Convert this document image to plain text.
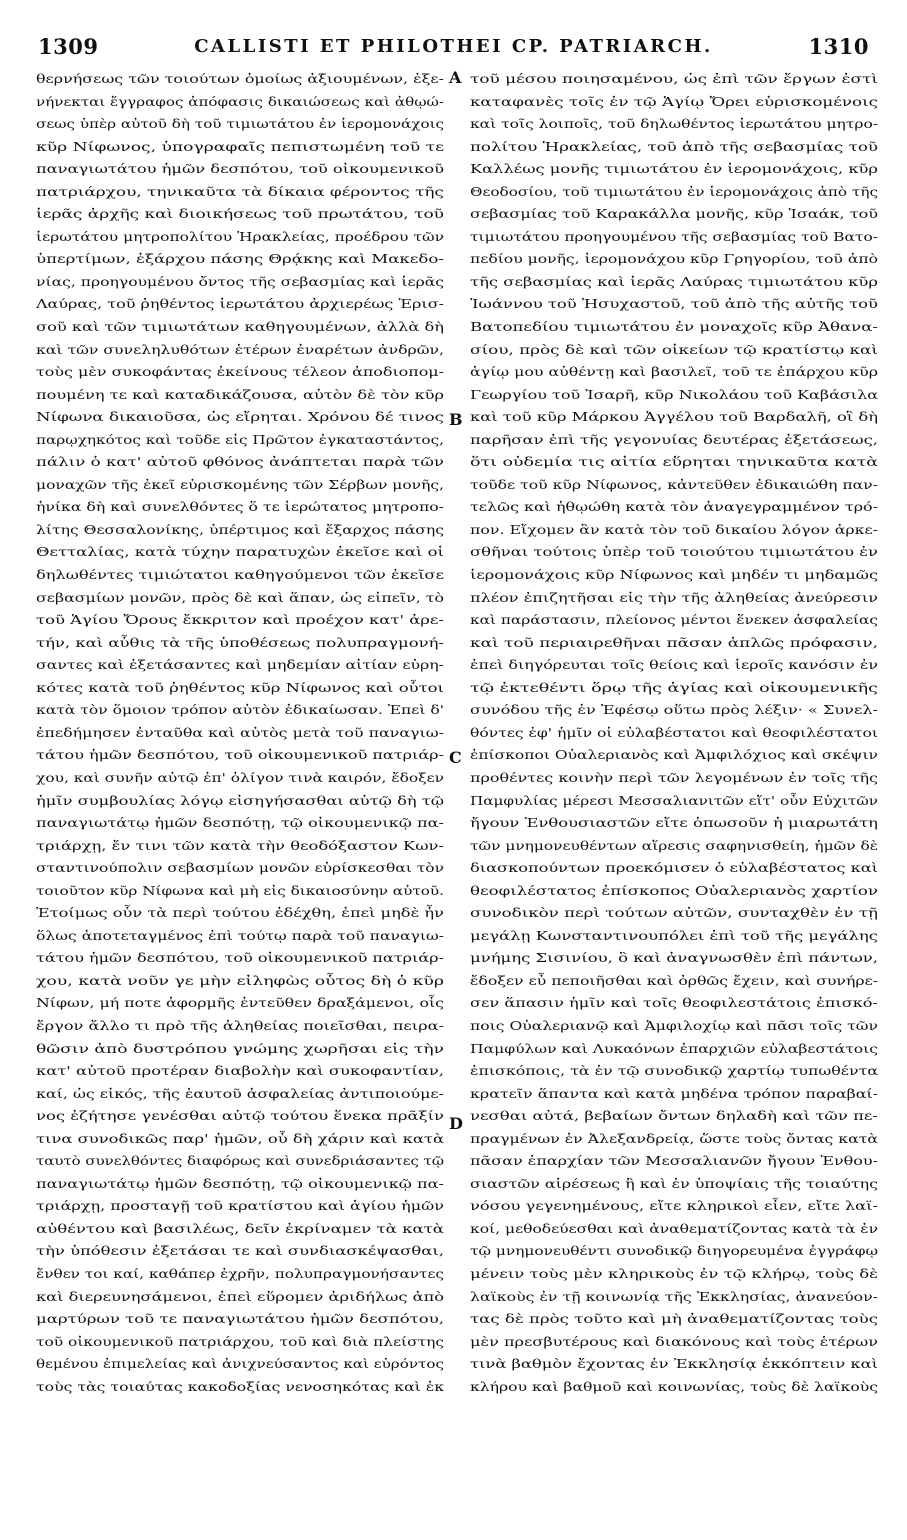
1309	CALLISTI ET PHILOTHEI CP. PATRIARCH.	1310
θερνήσεως τῶν τοιούτων ὁμοίως ἀξιουμένων, ἐξε-
νήνεκται ἔγγραφος ἀπόφασις δικαιώσεως καὶ ἀθῳώ-
σεως ὑπὲρ αὐτοῦ δὴ τοῦ τιμιωτάτου ἐν ἱερομονάχοις
κῦρ Νίφωνος, ὑπογραφαῖς πεπιστωμένη τοῦ τε
παναγιωτάτου ἡμῶν δεσπότου, τοῦ οἰκουμενικοῦ
πατριάρχου, τηνικαῦτα τὰ δίκαια φέροντος τῆς
ἱερᾶς ἀρχῆς καὶ διοικήσεως τοῦ πρωτάτου, τοῦ
ἱερωτάτου μητροπολίτου Ἡρακλείας, προέδρου τῶν
ὑπερτίμων, ἐξάρχου πάσης Θρᾴκης καὶ Μακεδο-
νίας, προηγουμένου ὄντος τῆς σεβασμίας καὶ ἱερᾶς
Λαύρας, τοῦ ῥηθέντος ἱερωτάτου ἀρχιερέως Ἐρισ-
σοῦ καὶ τῶν τιμιωτάτων καθηγουμένων, ἀλλὰ δὴ
καὶ τῶν συνεληλυθότων ἑτέρων ἐναρέτων ἀνδρῶν,
τοὺς μὲν συκοφάντας ἐκείνους τέλεον ἀποδιοπομ-
πουμένη τε καὶ καταδικάζουσα, αὐτὸν δὲ τὸν κῦρ
Νίφωνα δικαιοῦσα, ὡς εἴρηται. Χρόνου δέ τινος
παρῳχηκότος καὶ τοῦδε εἰς Πρῶτον ἐγκαταστάντος,
πάλιν ὁ κατ' αὐτοῦ φθόνος ἀνάπτεται παρὰ τῶν
μοναχῶν τῆς ἐκεῖ εὑρισκομένης τῶν Σέρβων μονῆς,
ἡνίκα δὴ καὶ συνελθόντες ὅ τε ἱερώτατος μητροπο-
λίτης Θεσσαλονίκης, ὑπέρτιμος καὶ ἔξαρχος πάσης
Θετταλίας, κατὰ τύχην παρατυχὼν ἐκεῖσε καὶ οἱ
δηλωθέντες τιμιώτατοι καθηγούμενοι τῶν ἐκεῖσε
σεβασμίων μονῶν, πρὸς δὲ καὶ ἅπαν, ὡς εἰπεῖν, τὸ
τοῦ Ἁγίου Ὄρους ἔκκριτον καὶ προέχον κατ' ἀρε-
τήν, καὶ αὖθις τὰ τῆς ὑποθέσεως πολυπραγμονή-
σαντες καὶ ἐξετάσαντες καὶ μηδεμίαν αἰτίαν εὑρη-
κότες κατὰ τοῦ ῥηθέντος κῦρ Νίφωνος καὶ οὗτοι
κατὰ τὸν ὅμοιον τρόπον αὐτὸν ἐδικαίωσαν. Ἐπεὶ δ'
ἐπεδήμησεν ἐνταῦθα καὶ αὐτὸς μετὰ τοῦ παναγιω-
τάτου ἡμῶν δεσπότου, τοῦ οἰκουμενικοῦ πατριάρ-
χου, καὶ συνῆν αὐτῷ ἐπ' ὀλίγον τινὰ καιρόν, ἔδοξεν
ἡμῖν συμβουλίας λόγῳ εἰσηγήσασθαι αὐτῷ δὴ τῷ
παναγιωτάτῳ ἡμῶν δεσπότῃ, τῷ οἰκουμενικῷ πα-
τριάρχῃ, ἔν τινι τῶν κατὰ τὴν θεοδόξαστον Κων-
σταντινούπολιν σεβασμίων μονῶν εὑρίσκεσθαι τὸν
τοιοῦτον κῦρ Νίφωνα καὶ μὴ εἰς δικαιοσύνην αὐτοῦ.
Ἑτοίμως οὖν τὰ περὶ τούτου ἐδέχθη, ἐπεὶ μηδὲ ἦν
ὅλως ἀποτεταγμένος ἐπὶ τούτῳ παρὰ τοῦ παναγιω-
τάτου ἡμῶν δεσπότου, τοῦ οἰκουμενικοῦ πατριάρ-
χου, κατὰ νοῦν γε μὴν εἰληφὼς οὗτος δὴ ὁ κῦρ
Νίφων, μή ποτε ἀφορμῆς ἐντεῦθεν δραξάμενοι, οἷς
ἔργον ἄλλο τι πρὸ τῆς ἀληθείας ποιεῖσθαι, πειρα-
θῶσιν ἀπὸ δυστρόπου γνώμης χωρῆσαι εἰς τὴν
κατ' αὐτοῦ προτέραν διαβολὴν καὶ συκοφαντίαν,
καί, ὡς εἰκός, τῆς ἑαυτοῦ ἀσφαλείας ἀντιποιούμε-
νος ἐζήτησε γενέσθαι αὐτῷ τούτου ἕνεκα πρᾶξίν
τινα συνοδικῶς παρ' ἡμῶν, οὗ δὴ χάριν καὶ κατὰ
ταυτὸ συνελθόντες διαφόρως καὶ συνεδριάσαντες τῷ
παναγιωτάτῳ ἡμῶν δεσπότῃ, τῷ οἰκουμενικῷ πα-
τριάρχῃ, προσταγῇ τοῦ κρατίστου καὶ ἁγίου ἡμῶν
αὐθέντου καὶ βασιλέως, δεῖν ἐκρίναμεν τὰ κατὰ
τὴν ὑπόθεσιν ἐξετάσαι τε καὶ συνδιασκέψασθαι,
ἔνθεν τοι καί, καθάπερ ἐχρῆν, πολυπραγμονήσαντες
καὶ διερευνησάμενοι, ἐπεὶ εὕρομεν ἀριδήλως ἀπὸ
μαρτύρων τοῦ τε παναγιωτάτου ἡμῶν δεσπότου,
τοῦ οἰκουμενικοῦ πατριάρχου, τοῦ καὶ διὰ πλείστης
θεμένου ἐπιμελείας καὶ ἀνιχνεύσαντος καὶ εὑρόντος
τοὺς τὰς τοιαύτας κακοδοξίας νενοσηκότας καὶ ἐκ
τοῦ μέσου ποιησαμένου, ὡς ἐπὶ τῶν ἔργων ἐστὶ
καταφανὲς τοῖς ἐν τῷ Ἁγίῳ Ὄρει εὑρισκομένοις
καὶ τοῖς λοιποῖς, τοῦ δηλωθέντος ἱερωτάτου μητρο-
πολίτου Ἡρακλείας, τοῦ ἀπὸ τῆς σεβασμίας τοῦ
Καλλέως μονῆς τιμιωτάτου ἐν ἱερομονάχοις, κῦρ
Θεοδοσίου, τοῦ τιμιωτάτου ἐν ἱερομονάχοις ἀπὸ τῆς
σεβασμίας τοῦ Καρακάλλα μονῆς, κῦρ Ἰσαάκ, τοῦ
τιμιωτάτου προηγουμένου τῆς σεβασμίας τοῦ Βατο-
πεδίου μονῆς, ἱερομονάχου κῦρ Γρηγορίου, τοῦ ἀπὸ
τῆς σεβασμίας καὶ ἱερᾶς Λαύρας τιμιωτάτου κῦρ
Ἰωάννου τοῦ Ἡσυχαστοῦ, τοῦ ἀπὸ τῆς αὐτῆς τοῦ
Βατοπεδίου τιμιωτάτου ἐν μοναχοῖς κῦρ Ἀθανα-
σίου, πρὸς δὲ καὶ τῶν οἰκείων τῷ κρατίστῳ καὶ
ἁγίῳ μου αὐθέντῃ καὶ βασιλεῖ, τοῦ τε ἐπάρχου κῦρ
Γεωργίου τοῦ Ἰσαρῆ, κῦρ Νικολάου τοῦ Καβάσιλα
καὶ τοῦ κῦρ Μάρκου Ἀγγέλου τοῦ Βαρδαλῆ, οἳ δὴ
παρῆσαν ἐπὶ τῆς γεγονυίας δευτέρας ἐξετάσεως,
ὅτι οὐδεμία τις αἰτία εὕρηται τηνικαῦτα κατὰ
τοῦδε τοῦ κῦρ Νίφωνος, κἀντεῦθεν ἐδικαιώθη παν-
τελῶς καὶ ἠθῳώθη κατὰ τὸν ἀναγεγραμμένον τρό-
πον. Εἴχομεν ἂν κατὰ τὸν τοῦ δικαίου λόγον ἀρκε-
σθῆναι τούτοις ὑπὲρ τοῦ τοιούτου τιμιωτάτου ἐν
ἱερομονάχοις κῦρ Νίφωνος καὶ μηδέν τι μηδαμῶς
πλέον ἐπιζητῆσαι εἰς τὴν τῆς ἀληθείας ἀνεύρεσιν
καὶ παράστασιν, πλείονος μέντοι ἕνεκεν ἀσφαλείας
καὶ τοῦ περιαιρεθῆναι πᾶσαν ἁπλῶς πρόφασιν,
ἐπεὶ διηγόρευται τοῖς θείοις καὶ ἱεροῖς κανόσιν ἐν
τῷ ἐκτεθέντι ὅρῳ τῆς ἁγίας καὶ οἰκουμενικῆς
συνόδου τῆς ἐν Ἐφέσῳ οὕτω πρὸς λέξιν· « Συνελ-
θόντες ἐφ' ἡμῖν οἱ εὐλαβέστατοι καὶ θεοφιλέστατοι
ἐπίσκοποι Οὐαλεριανὸς καὶ Ἀμφιλόχιος καὶ σκέψιν
προθέντες κοινὴν περὶ τῶν λεγομένων ἐν τοῖς τῆς
Παμφυλίας μέρεσι Μεσσαλιανιτῶν εἴτ' οὖν Εὐχιτῶν
ἤγουν Ἐνθουσιαστῶν εἴτε ὁπωσοῦν ἡ μιαρωτάτη
τῶν μνημονευθέντων αἵρεσις σαφηνισθείη, ἡμῶν δὲ
διασκοπούντων προεκόμισεν ὁ εὐλαβέστατος καὶ
θεοφιλέστατος ἐπίσκοπος Οὐαλεριανὸς χαρτίον
συνοδικὸν περὶ τούτων αὐτῶν, συνταχθὲν ἐν τῇ
μεγάλῃ Κωνσταντινουπόλει ἐπὶ τοῦ τῆς μεγάλης
μνήμης Σισινίου, ὃ καὶ ἀναγνωσθὲν ἐπὶ πάντων,
ἔδοξεν εὖ πεποιῆσθαι καὶ ὀρθῶς ἔχειν, καὶ συνήρε-
σεν ἅπασιν ἡμῖν καὶ τοῖς θεοφιλεστάτοις ἐπισκό-
ποις Οὐαλεριανῷ καὶ Ἀμφιλοχίῳ καὶ πᾶσι τοῖς τῶν
Παμφύλων καὶ Λυκαόνων ἐπαρχιῶν εὐλαβεστάτοις
ἐπισκόποις, τὰ ἐν τῷ συνοδικῷ χαρτίῳ τυπωθέντα
κρατεῖν ἅπαντα καὶ κατὰ μηδένα τρόπον παραβαί-
νεσθαι αὐτά, βεβαίων ὄντων δηλαδὴ καὶ τῶν πε-
πραγμένων ἐν Ἀλεξανδρείᾳ, ὥστε τοὺς ὄντας κατὰ
πᾶσαν ἐπαρχίαν τῶν Μεσσαλιανῶν ἤγουν Ἐνθου-
σιαστῶν αἱρέσεως ἢ καὶ ἐν ὑποψίαις τῆς τοιαύτης
νόσου γεγενημένους, εἴτε κληρικοὶ εἶεν, εἴτε λαϊ-
κοί, μεθοδεύεσθαι καὶ ἀναθεματίζοντας κατὰ τὰ ἐν
τῷ μνημονευθέντι συνοδικῷ διηγορευμένα ἐγγράφῳ
μένειν τοὺς μὲν κληρικοὺς ἐν τῷ κλήρῳ, τοὺς δὲ
λαϊκοὺς ἐν τῇ κοινωνίᾳ τῆς Ἐκκλησίας, ἀνανεύον-
τας δὲ πρὸς τοῦτο καὶ μὴ ἀναθεματίζοντας τοὺς
μὲν πρεσβυτέρους καὶ διακόνους καὶ τοὺς ἑτέρων
τινὰ βαθμὸν ἔχοντας ἐν Ἐκκλησίᾳ ἐκκόπτειν καὶ
κλήρου καὶ βαθμοῦ καὶ κοινωνίας, τοὺς δὲ λαϊκοὺς
A
B
C
D
